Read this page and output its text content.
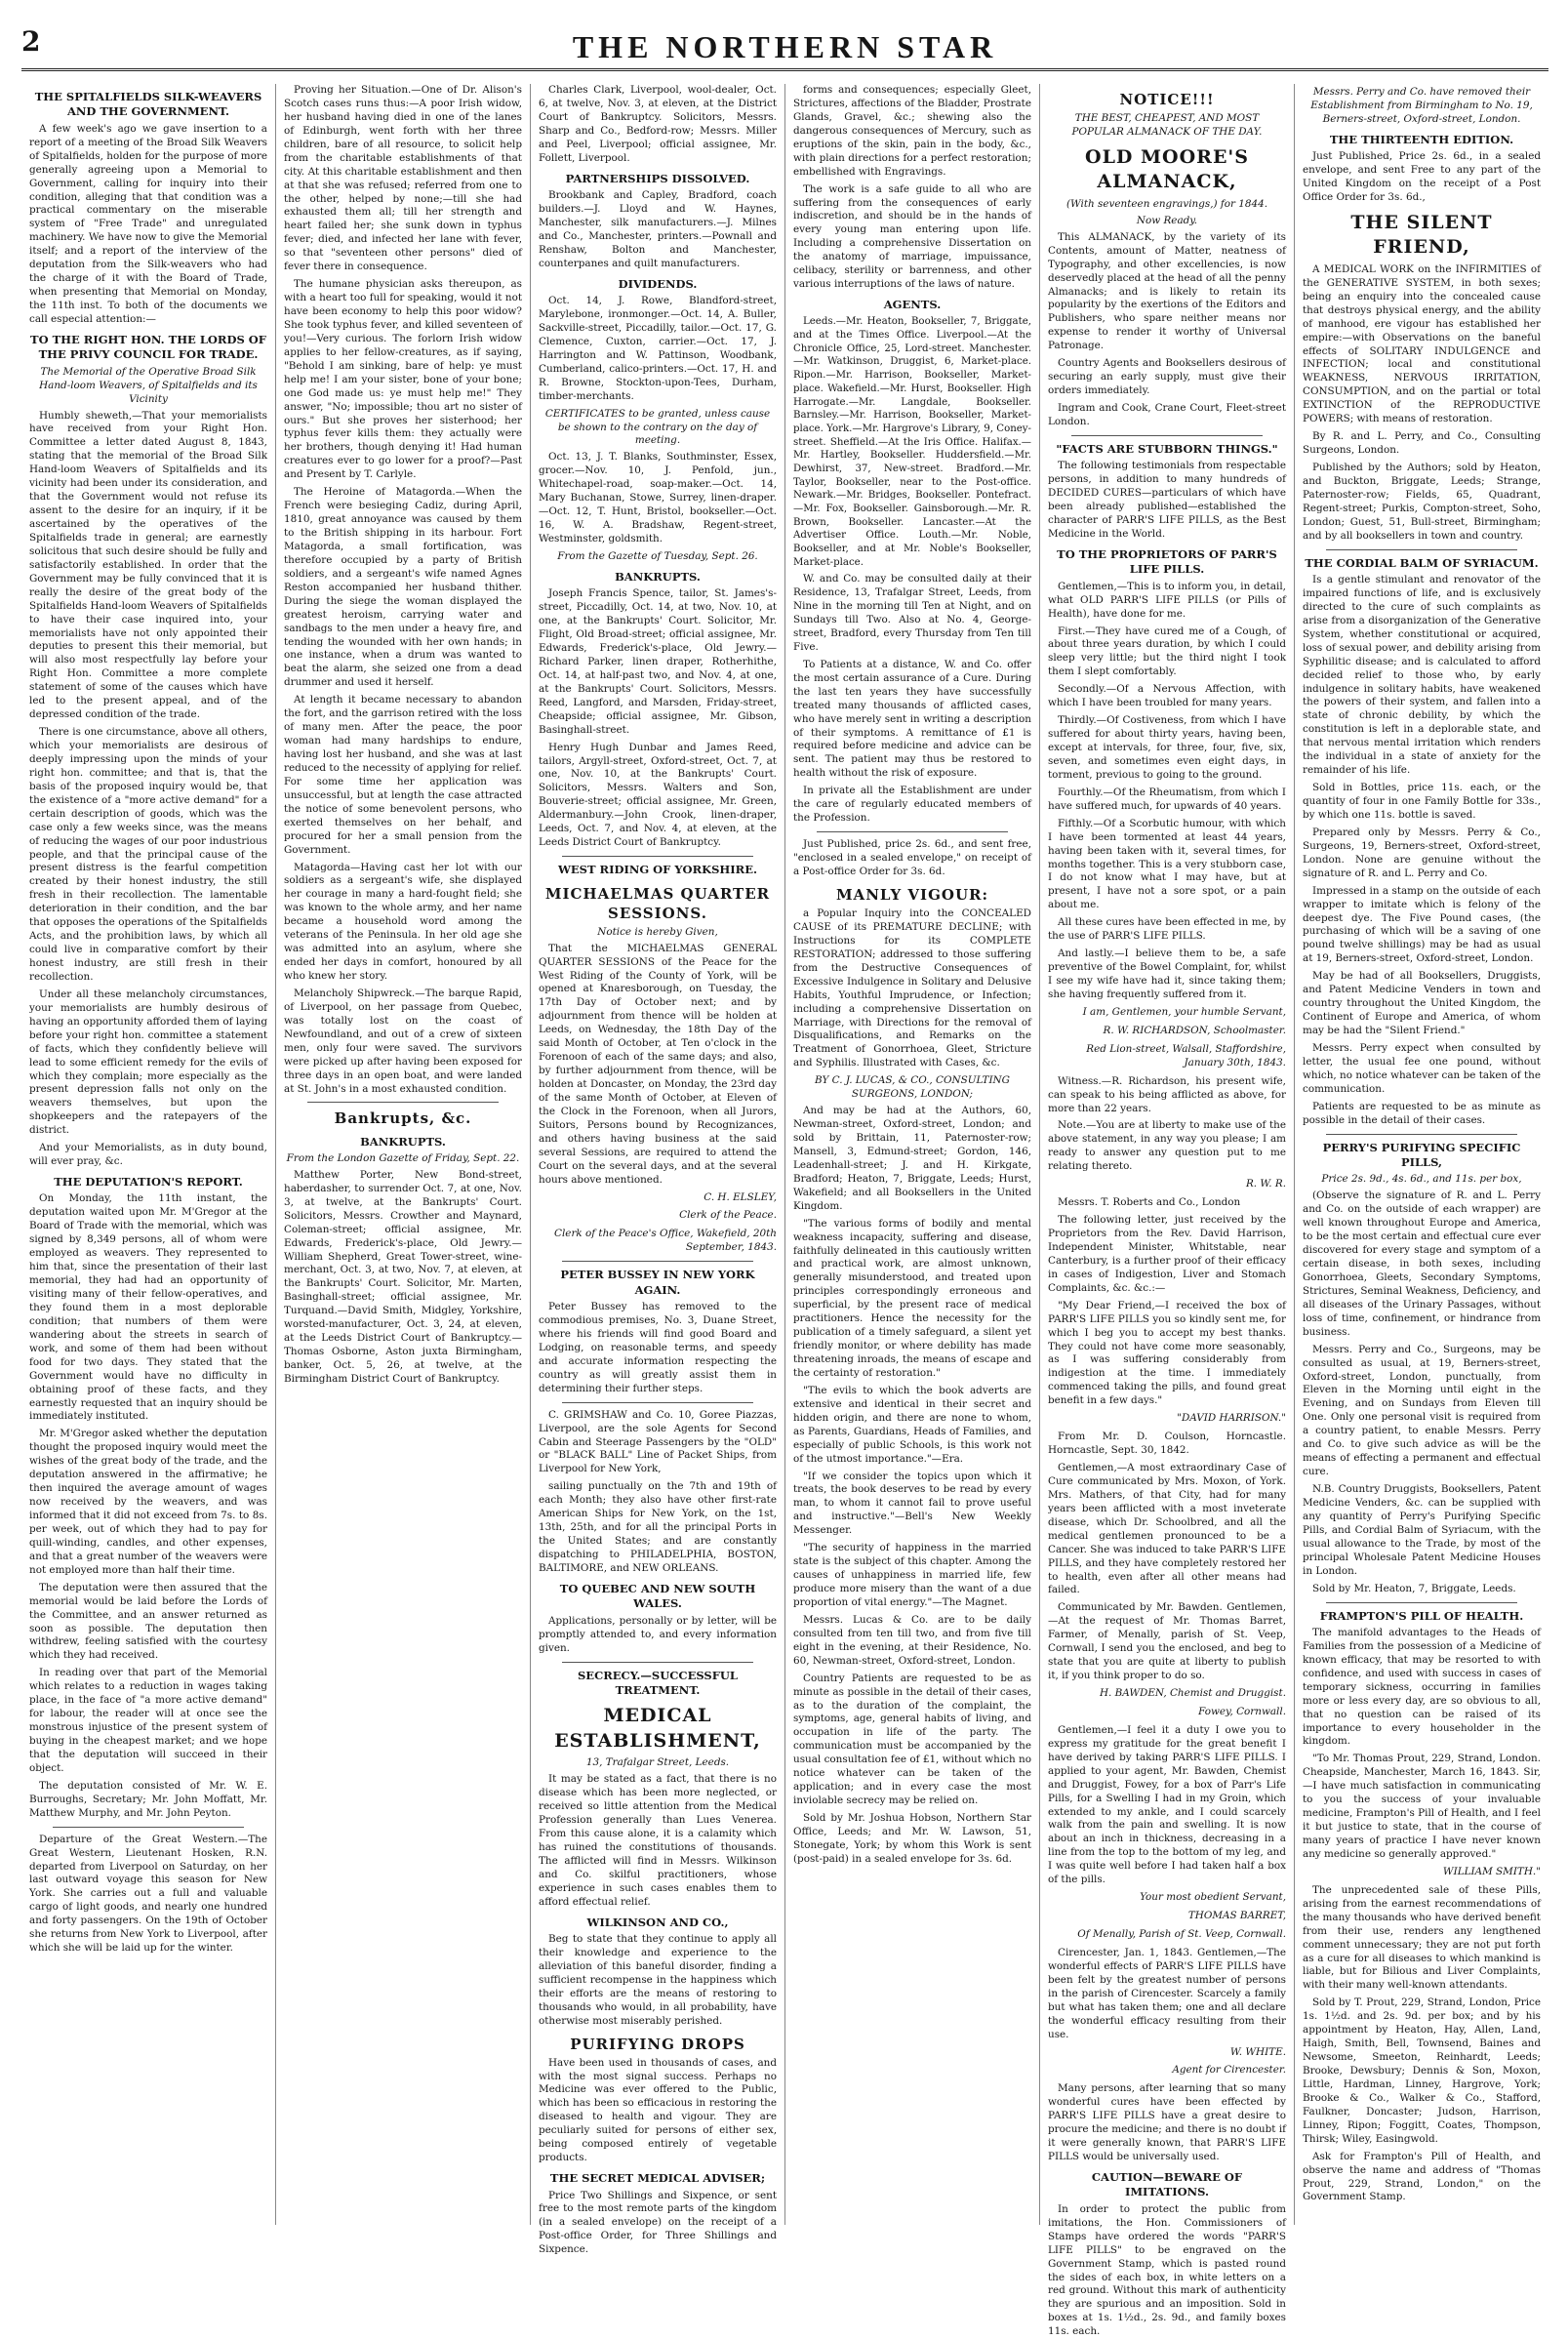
2	THE NORTHERN STAR
THE SPITALFIELDS SILK-WEAVERS AND THE GOVERNMENT.

A few week's ago we gave insertion to a report of a meeting of the Broad Silk Weavers of Spitalfields, holden for the purpose of more generally agreeing upon a Memorial to Government, calling for inquiry into their condition, alleging that that condition was a practical commentary on the miserable system of "Free Trade" and unregulated machinery. We have now to give the Memorial itself; and a report of the interview of the deputation from the Silk-weavers who had the charge of it with the Board of Trade, when presenting that Memorial on Monday, the 11th inst. To both of the documents we call especial attention:—

TO THE RIGHT HON. THE LORDS OF THE PRIVY COUNCIL FOR TRADE.
The Memorial of the Operative Broad Silk Hand-loom Weavers, of Spitalfields and its Vicinity

Humbly sheweth,—That your memorialists have received from your Right Hon. Committee a letter dated August 8, 1843, stating that the memorial of the Broad Silk Hand-loom Weavers of Spitalfields and its vicinity had been under its consideration, and that the Government would not refuse its assent to the desire for an inquiry, if it be ascertained by the operatives of the Spitalfields trade in general; are earnestly solicitous that such desire should be fully and satisfactorily established. In order that the Government may be fully convinced that it is really the desire of the great body of the Spitalfields Hand-loom Weavers of Spitalfields to have their case inquired into, your memorialists have not only appointed their deputies to present this their memorial, but will also most respectfully lay before your Right Hon. Committee a more complete statement of some of the causes which have led to the present appeal, and of the depressed condition of the trade.

There is one circumstance, above all others, which your memorialists are desirous of deeply impressing upon the minds of your right hon. committee; and that is, that the basis of the proposed inquiry would be, that the existence of a "more active demand" for a certain description of goods, which was the case only a few weeks since, was the means of reducing the wages of our poor industrious people, and that the principal cause of the present distress is the fearful competition created by their honest industry, the still fresh in their recollection. The lamentable deterioration in their condition, and the bar that opposes the operations of the Spitalfields Acts, and the prohibition laws, by which all could live in comparative comfort by their honest industry, are still fresh in their recollection.

Under all these melancholy circumstances, your memorialists are humbly desirous of having an opportunity afforded them of laying before your right hon. committee a statement of facts, which they confidently believe will lead to some efficient remedy for the evils of which they complain; more especially as the present depression falls not only on the weavers themselves, but upon the shopkeepers and the ratepayers of the district.

And your Memorialists, as in duty bound, will ever pray, &c.

THE DEPUTATION'S REPORT.

On Monday, the 11th instant, the deputation waited upon Mr. M'Gregor at the Board of Trade with the memorial, which was signed by 8,349 persons, all of whom were employed as weavers. They represented to him that, since the presentation of their last memorial, they had had an opportunity of visiting many of their fellow-operatives, and they found them in a most deplorable condition; that numbers of them were wandering about the streets in search of work, and some of them had been without food for two days. They stated that the Government would have no difficulty in obtaining proof of these facts, and they earnestly requested that an inquiry should be immediately instituted.

Mr. M'Gregor asked whether the deputation thought the proposed inquiry would meet the wishes of the great body of the trade, and the deputation answered in the affirmative; he then inquired the average amount of wages now received by the weavers, and was informed that it did not exceed from 7s. to 8s. per week, out of which they had to pay for quill-winding, candles, and other expenses, and that a great number of the weavers were not employed more than half their time.

The deputation were then assured that the memorial would be laid before the Lords of the Committee, and an answer returned as soon as possible. The deputation then withdrew, feeling satisfied with the courtesy which they had received.

In reading over that part of the Memorial which relates to a reduction in wages taking place, in the face of "a more active demand" for labour, the reader will at once see the monstrous injustice of the present system of buying in the cheapest market; and we hope that the deputation will succeed in their object.

The deputation consisted of Mr. W. E. Burroughs, Secretary; Mr. John Moffatt, Mr. Matthew Murphy, and Mr. John Peyton.

Departure of the Great Western.—The Great Western, Lieutenant Hosken, R.N. departed from Liverpool on Saturday, on her last outward voyage this season for New York. She carries out a full and valuable cargo of light goods, and nearly one hundred and forty passengers. On the 19th of October she returns from New York to Liverpool, after which she will be laid up for the winter.

Proving her Situation.—One of Dr. Alison's Scotch cases runs thus:—A poor Irish widow, her husband having died in one of the lanes of Edinburgh, went forth with her three children, bare of all resource, to solicit help from the charitable establishments of that city. At this charitable establishment and then at that she was refused; referred from one to the other, helped by none;—till she had exhausted them all; till her strength and heart failed her; she sunk down in typhus fever; died, and infected her lane with fever, so that "seventeen other persons" died of fever there in consequence.

The humane physician asks thereupon, as with a heart too full for speaking, would it not have been economy to help this poor widow? She took typhus fever, and killed seventeen of you!—Very curious. The forlorn Irish widow applies to her fellow-creatures, as if saying, "Behold I am sinking, bare of help: ye must help me! I am your sister, bone of your bone; one God made us: ye must help me!" They answer, "No; impossible; thou art no sister of ours." But she proves her sisterhood; her typhus fever kills them: they actually were her brothers, though denying it! Had human creatures ever to go lower for a proof?—Past and Present by T. Carlyle.

The Heroine of Matagorda.—When the French were besieging Cadiz, during April, 1810, great annoyance was caused by them to the British shipping in its harbour. Fort Matagorda, a small fortification, was therefore occupied by a party of British soldiers, and a sergeant's wife named Agnes Reston accompanied her husband thither. During the siege the woman displayed the greatest heroism, carrying water and sandbags to the men under a heavy fire, and tending the wounded with her own hands; in one instance, when a drum was wanted to beat the alarm, she seized one from a dead drummer and used it herself.

At length it became necessary to abandon the fort, and the garrison retired with the loss of many men. After the peace, the poor woman had many hardships to endure, having lost her husband, and she was at last reduced to the necessity of applying for relief. For some time her application was unsuccessful, but at length the case attracted the notice of some benevolent persons, who exerted themselves on her behalf, and procured for her a small pension from the Government.

Matagorda—Having cast her lot with our soldiers as a sergeant's wife, she displayed her courage in many a hard-fought field; she was known to the whole army, and her name became a household word among the veterans of the Peninsula. In her old age she was admitted into an asylum, where she ended her days in comfort, honoured by all who knew her story.

Melancholy Shipwreck.—The barque Rapid, of Liverpool, on her passage from Quebec, was totally lost on the coast of Newfoundland, and out of a crew of sixteen men, only four were saved. The survivors were picked up after having been exposed for three days in an open boat, and were landed at St. John's in a most exhausted condition.

Bankrupts, &c.
BANKRUPTS.
From the London Gazette of Friday, Sept. 22.

Matthew Porter, New Bond-street, haberdasher, to surrender Oct. 7, at one, Nov. 3, at twelve, at the Bankrupts' Court. Solicitors, Messrs. Crowther and Maynard, Coleman-street; official assignee, Mr. Edwards, Frederick's-place, Old Jewry.—William Shepherd, Great Tower-street, wine-merchant, Oct. 3, at two, Nov. 7, at eleven, at the Bankrupts' Court. Solicitor, Mr. Marten, Basinghall-street; official assignee, Mr. Turquand.—David Smith, Midgley, Yorkshire, worsted-manufacturer, Oct. 3, 24, at eleven, at the Leeds District Court of Bankruptcy.—Thomas Osborne, Aston juxta Birmingham, banker, Oct. 5, 26, at twelve, at the Birmingham District Court of Bankruptcy.

Charles Clark, Liverpool, wool-dealer, Oct. 6, at twelve, Nov. 3, at eleven, at the District Court of Bankruptcy. Solicitors, Messrs. Sharp and Co., Bedford-row; Messrs. Miller and Peel, Liverpool; official assignee, Mr. Follett, Liverpool.

PARTNERSHIPS DISSOLVED.

Brookbank and Capley, Bradford, coach builders.—J. Lloyd and W. Haynes, Manchester, silk manufacturers.—J. Milnes and Co., Manchester, printers.—Pownall and Renshaw, Bolton and Manchester, counterpanes and quilt manufacturers.

DIVIDENDS.

Oct. 14, J. Rowe, Blandford-street, Marylebone, ironmonger.—Oct. 14, A. Buller, Sackville-street, Piccadilly, tailor.—Oct. 17, G. Clemence, Cuxton, carrier.—Oct. 17, J. Harrington and W. Pattinson, Woodbank, Cumberland, calico-printers.—Oct. 17, H. and R. Browne, Stockton-upon-Tees, Durham, timber-merchants.

CERTIFICATES to be granted, unless cause be shown to the contrary on the day of meeting.

Oct. 13, J. T. Blanks, Southminster, Essex, grocer.—Nov. 10, J. Penfold, jun., Whitechapel-road, soap-maker.—Oct. 14, Mary Buchanan, Stowe, Surrey, linen-draper.—Oct. 12, T. Hunt, Bristol, bookseller.—Oct. 16, W. A. Bradshaw, Regent-street, Westminster, goldsmith.

From the Gazette of Tuesday, Sept. 26.
BANKRUPTS.

Joseph Francis Spence, tailor, St. James's-street, Piccadilly, Oct. 14, at two, Nov. 10, at one, at the Bankrupts' Court. Solicitor, Mr. Flight, Old Broad-street; official assignee, Mr. Edwards, Frederick's-place, Old Jewry.—Richard Parker, linen draper, Rotherhithe, Oct. 14, at half-past two, and Nov. 4, at one, at the Bankrupts' Court. Solicitors, Messrs. Reed, Langford, and Marsden, Friday-street, Cheapside; official assignee, Mr. Gibson, Basinghall-street.

Henry Hugh Dunbar and James Reed, tailors, Argyll-street, Oxford-street, Oct. 7, at one, Nov. 10, at the Bankrupts' Court. Solicitors, Messrs. Walters and Son, Bouverie-street; official assignee, Mr. Green, Aldermanbury.—John Crook, linen-draper, Leeds, Oct. 7, and Nov. 4, at eleven, at the Leeds District Court of Bankruptcy.

WEST RIDING OF YORKSHIRE.
MICHAELMAS QUARTER SESSIONS.
Notice is hereby Given,

That the MICHAELMAS GENERAL QUARTER SESSIONS of the Peace for the West Riding of the County of York, will be opened at Knaresborough, on Tuesday, the 17th Day of October next; and by adjournment from thence will be holden at Leeds, on Wednesday, the 18th Day of the said Month of October, at Ten o'clock in the Forenoon of each of the same days; and also, by further adjournment from thence, will be holden at Doncaster, on Monday, the 23rd day of the same Month of October, at Eleven of the Clock in the Forenoon, when all Jurors, Suitors, Persons bound by Recognizances, and others having business at the said several Sessions, are required to attend the Court on the several days, and at the several hours above mentioned.

C. H. ELSLEY,
Clerk of the Peace.
Clerk of the Peace's Office, Wakefield, 20th September, 1843.
PETER BUSSEY IN NEW YORK AGAIN.

Peter Bussey has removed to the commodious premises, No. 3, Duane Street, where his friends will find good Board and Lodging, on reasonable terms, and speedy and accurate information respecting the country as will greatly assist them in determining their further steps.

C. GRIMSHAW and Co. 10, Goree Piazzas, Liverpool, are the sole Agents for Second Cabin and Steerage Passengers by the "OLD" or "BLACK BALL" Line of Packet Ships, from Liverpool for New York,

sailing punctually on the 7th and 19th of each Month; they also have other first-rate American Ships for New York, on the 1st, 13th, 25th, and for all the principal Ports in the United States; and are constantly dispatching to PHILADELPHIA, BOSTON, BALTIMORE, and NEW ORLEANS.

TO QUEBEC AND NEW SOUTH WALES.

Applications, personally or by letter, will be promptly attended to, and every information given.

SECRECY.—SUCCESSFUL TREATMENT.
MEDICAL ESTABLISHMENT,
13, Trafalgar Street, Leeds.

It may be stated as a fact, that there is no disease which has been more neglected, or received so little attention from the Medical Profession generally than Lues Venerea. From this cause alone, it is a calamity which has ruined the constitutions of thousands. The afflicted will find in Messrs. Wilkinson and Co. skilful practitioners, whose experience in such cases enables them to afford effectual relief.

WILKINSON AND CO.,

Beg to state that they continue to apply all their knowledge and experience to the alleviation of this baneful disorder, finding a sufficient recompense in the happiness which their efforts are the means of restoring to thousands who would, in all probability, have otherwise most miserably perished.

PURIFYING DROPS

Have been used in thousands of cases, and with the most signal success. Perhaps no Medicine was ever offered to the Public, which has been so efficacious in restoring the diseased to health and vigour. They are peculiarly suited for persons of either sex, being composed entirely of vegetable products.

THE SECRET MEDICAL ADVISER;

Price Two Shillings and Sixpence, or sent free to the most remote parts of the kingdom (in a sealed envelope) on the receipt of a Post-office Order, for Three Shillings and Sixpence.

forms and consequences; especially Gleet, Strictures, affections of the Bladder, Prostrate Glands, Gravel, &c.; shewing also the dangerous consequences of Mercury, such as eruptions of the skin, pain in the body, &c., with plain directions for a perfect restoration; embellished with Engravings.

The work is a safe guide to all who are suffering from the consequences of early indiscretion, and should be in the hands of every young man entering upon life. Including a comprehensive Dissertation on the anatomy of marriage, impuissance, celibacy, sterility or barrenness, and other various interruptions of the laws of nature.

AGENTS.

Leeds.—Mr. Heaton, Bookseller, 7, Briggate, and at the Times Office. Liverpool.—At the Chronicle Office, 25, Lord-street. Manchester.—Mr. Watkinson, Druggist, 6, Market-place. Ripon.—Mr. Harrison, Bookseller, Market-place. Wakefield.—Mr. Hurst, Bookseller. High Harrogate.—Mr. Langdale, Bookseller. Barnsley.—Mr. Harrison, Bookseller, Market-place. York.—Mr. Hargrove's Library, 9, Coney-street. Sheffield.—At the Iris Office. Halifax.—Mr. Hartley, Bookseller. Huddersfield.—Mr. Dewhirst, 37, New-street. Bradford.—Mr. Taylor, Bookseller, near to the Post-office. Newark.—Mr. Bridges, Bookseller. Pontefract.—Mr. Fox, Bookseller. Gainsborough.—Mr. R. Brown, Bookseller. Lancaster.—At the Advertiser Office. Louth.—Mr. Noble, Bookseller, and at Mr. Noble's Bookseller, Market-place.

W. and Co. may be consulted daily at their Residence, 13, Trafalgar Street, Leeds, from Nine in the morning till Ten at Night, and on Sundays till Two. Also at No. 4, George-street, Bradford, every Thursday from Ten till Five.

To Patients at a distance, W. and Co. offer the most certain assurance of a Cure. During the last ten years they have successfully treated many thousands of afflicted cases, who have merely sent in writing a description of their symptoms. A remittance of £1 is required before medicine and advice can be sent. The patient may thus be restored to health without the risk of exposure.

In private all the Establishment are under the care of regularly educated members of the Profession.

Just Published, price 2s. 6d., and sent free, "enclosed in a sealed envelope," on receipt of a Post-office Order for 3s. 6d.

MANLY VIGOUR:

a Popular Inquiry into the CONCEALED CAUSE of its PREMATURE DECLINE; with Instructions for its COMPLETE RESTORATION; addressed to those suffering from the Destructive Consequences of Excessive Indulgence in Solitary and Delusive Habits, Youthful Imprudence, or Infection; including a comprehensive Dissertation on Marriage, with Directions for the removal of Disqualifications, and Remarks on the Treatment of Gonorrhoea, Gleet, Stricture and Syphilis. Illustrated with Cases, &c.

BY C. J. LUCAS, & CO., CONSULTING SURGEONS, LONDON;

And may be had at the Authors, 60, Newman-street, Oxford-street, London; and sold by Brittain, 11, Paternoster-row; Mansell, 3, Edmund-street; Gordon, 146, Leadenhall-street; J. and H. Kirkgate, Bradford; Heaton, 7, Briggate, Leeds; Hurst, Wakefield; and all Booksellers in the United Kingdom.

"The various forms of bodily and mental weakness incapacity, suffering and disease, faithfully delineated in this cautiously written and practical work, are almost unknown, generally misunderstood, and treated upon principles correspondingly erroneous and superficial, by the present race of medical practitioners. Hence the necessity for the publication of a timely safeguard, a silent yet friendly monitor, or where debility has made threatening inroads, the means of escape and the certainty of restoration."

"The evils to which the book adverts are extensive and identical in their secret and hidden origin, and there are none to whom, as Parents, Guardians, Heads of Families, and especially of public Schools, is this work not of the utmost importance."—Era.

"If we consider the topics upon which it treats, the book deserves to be read by every man, to whom it cannot fail to prove useful and instructive."—Bell's New Weekly Messenger.

"The security of happiness in the married state is the subject of this chapter. Among the causes of unhappiness in married life, few produce more misery than the want of a due proportion of vital energy."—The Magnet.

Messrs. Lucas & Co. are to be daily consulted from ten till two, and from five till eight in the evening, at their Residence, No. 60, Newman-street, Oxford-street, London.

Country Patients are requested to be as minute as possible in the detail of their cases, as to the duration of the complaint, the symptoms, age, general habits of living, and occupation in life of the party. The communication must be accompanied by the usual consultation fee of £1, without which no notice whatever can be taken of the application; and in every case the most inviolable secrecy may be relied on.

Sold by Mr. Joshua Hobson, Northern Star Office, Leeds; and Mr. W. Lawson, 51, Stonegate, York; by whom this Work is sent (post-paid) in a sealed envelope for 3s. 6d.

NOTICE!!!
THE BEST, CHEAPEST, AND MOST POPULAR ALMANACK OF THE DAY.
OLD MOORE'S ALMANACK,
(With seventeen engravings,) for 1844.
Now Ready.

This ALMANACK, by the variety of its Contents, amount of Matter, neatness of Typography, and other excellencies, is now deservedly placed at the head of all the penny Almanacks; and is likely to retain its popularity by the exertions of the Editors and Publishers, who spare neither means nor expense to render it worthy of Universal Patronage.

Country Agents and Booksellers desirous of securing an early supply, must give their orders immediately.

Ingram and Cook, Crane Court, Fleet-street London.

"FACTS ARE STUBBORN THINGS."

The following testimonials from respectable persons, in addition to many hundreds of DECIDED CURES—particulars of which have been already published—established the character of PARR'S LIFE PILLS, as the Best Medicine in the World.

TO THE PROPRIETORS OF PARR'S LIFE PILLS.

Gentlemen,—This is to inform you, in detail, what OLD PARR'S LIFE PILLS (or Pills of Health), have done for me.

First.—They have cured me of a Cough, of about three years duration, by which I could sleep very little; but the third night I took them I slept comfortably.

Secondly.—Of a Nervous Affection, with which I have been troubled for many years.

Thirdly.—Of Costiveness, from which I have suffered for about thirty years, having been, except at intervals, for three, four, five, six, seven, and sometimes even eight days, in torment, previous to going to the ground.

Fourthly.—Of the Rheumatism, from which I have suffered much, for upwards of 40 years.

Fifthly.—Of a Scorbutic humour, with which I have been tormented at least 44 years, having been taken with it, several times, for months together. This is a very stubborn case, I do not know what I may have, but at present, I have not a sore spot, or a pain about me.

All these cures have been effected in me, by the use of PARR'S LIFE PILLS.

And lastly.—I believe them to be, a safe preventive of the Bowel Complaint, for, whilst I see my wife have had it, since taking them; she having frequently suffered from it.

I am, Gentlemen, your humble Servant,
R. W. RICHARDSON, Schoolmaster.
Red Lion-street, Walsall, Staffordshire, January 30th, 1843.

Witness.—R. Richardson, his present wife, can speak to his being afflicted as above, for more than 22 years.

Note.—You are at liberty to make use of the above statement, in any way you please; I am ready to answer any question put to me relating thereto.

R. W. R.

Messrs. T. Roberts and Co., London

The following letter, just received by the Proprietors from the Rev. David Harrison, Independent Minister, Whitstable, near Canterbury, is a further proof of their efficacy in cases of Indigestion, Liver and Stomach Complaints, &c. &c.:—

"My Dear Friend,—I received the box of PARR'S LIFE PILLS you so kindly sent me, for which I beg you to accept my best thanks. They could not have come more seasonably, as I was suffering considerably from indigestion at the time. I immediately commenced taking the pills, and found great benefit in a few days."

"DAVID HARRISON."

From Mr. D. Coulson, Horncastle. Horncastle, Sept. 30, 1842.

Gentlemen,—A most extraordinary Case of Cure communicated by Mrs. Moxon, of York. Mrs. Mathers, of that City, had for many years been afflicted with a most inveterate disease, which Dr. Schoolbred, and all the medical gentlemen pronounced to be a Cancer. She was induced to take PARR'S LIFE PILLS, and they have completely restored her to health, even after all other means had failed.

Communicated by Mr. Bawden. Gentlemen,—At the request of Mr. Thomas Barret, Farmer, of Menally, parish of St. Veep, Cornwall, I send you the enclosed, and beg to state that you are quite at liberty to publish it, if you think proper to do so.

H. BAWDEN, Chemist and Druggist.
Fowey, Cornwall.

Gentlemen,—I feel it a duty I owe you to express my gratitude for the great benefit I have derived by taking PARR'S LIFE PILLS. I applied to your agent, Mr. Bawden, Chemist and Druggist, Fowey, for a box of Parr's Life Pills, for a Swelling I had in my Groin, which extended to my ankle, and I could scarcely walk from the pain and swelling. It is now about an inch in thickness, decreasing in a line from the top to the bottom of my leg, and I was quite well before I had taken half a box of the pills.

Your most obedient Servant,
THOMAS BARRET,
Of Menally, Parish of St. Veep, Cornwall.

Cirencester, Jan. 1, 1843. Gentlemen,—The wonderful effects of PARR'S LIFE PILLS have been felt by the greatest number of persons in the parish of Cirencester. Scarcely a family but what has taken them; one and all declare the wonderful efficacy resulting from their use.

W. WHITE.
Agent for Cirencester.

Many persons, after learning that so many wonderful cures have been effected by PARR'S LIFE PILLS have a great desire to procure the medicine; and there is no doubt if it were generally known, that PARR'S LIFE PILLS would be universally used.

CAUTION—BEWARE OF IMITATIONS.

In order to protect the public from imitations, the Hon. Commissioners of Stamps have ordered the words "PARR'S LIFE PILLS" to be engraved on the Government Stamp, which is pasted round the sides of each box, in white letters on a red ground. Without this mark of authenticity they are spurious and an imposition. Sold in boxes at 1s. 1½d., 2s. 9d., and family boxes 11s. each.

Messrs. Perry and Co. have removed their Establishment from Birmingham to No. 19, Berners-street, Oxford-street, London.
THE THIRTEENTH EDITION.

Just Published, Price 2s. 6d., in a sealed envelope, and sent Free to any part of the United Kingdom on the receipt of a Post Office Order for 3s. 6d.,

THE SILENT FRIEND,

A MEDICAL WORK on the INFIRMITIES of the GENERATIVE SYSTEM, in both sexes; being an enquiry into the concealed cause that destroys physical energy, and the ability of manhood, ere vigour has established her empire:—with Observations on the baneful effects of SOLITARY INDULGENCE and INFECTION; local and constitutional WEAKNESS, NERVOUS IRRITATION, CONSUMPTION, and on the partial or total EXTINCTION of the REPRODUCTIVE POWERS; with means of restoration.

By R. and L. Perry, and Co., Consulting Surgeons, London.

Published by the Authors; sold by Heaton, and Buckton, Briggate, Leeds; Strange, Paternoster-row; Fields, 65, Quadrant, Regent-street; Purkis, Compton-street, Soho, London; Guest, 51, Bull-street, Birmingham; and by all booksellers in town and country.

THE CORDIAL BALM OF SYRIACUM.

Is a gentle stimulant and renovator of the impaired functions of life, and is exclusively directed to the cure of such complaints as arise from a disorganization of the Generative System, whether constitutional or acquired, loss of sexual power, and debility arising from Syphilitic disease; and is calculated to afford decided relief to those who, by early indulgence in solitary habits, have weakened the powers of their system, and fallen into a state of chronic debility, by which the constitution is left in a deplorable state, and that nervous mental irritation which renders the individual in a state of anxiety for the remainder of his life.

Sold in Bottles, price 11s. each, or the quantity of four in one Family Bottle for 33s., by which one 11s. bottle is saved.

Prepared only by Messrs. Perry & Co., Surgeons, 19, Berners-street, Oxford-street, London. None are genuine without the signature of R. and L. Perry and Co.

Impressed in a stamp on the outside of each wrapper to imitate which is felony of the deepest dye. The Five Pound cases, (the purchasing of which will be a saving of one pound twelve shillings) may be had as usual at 19, Berners-street, Oxford-street, London.

May be had of all Booksellers, Druggists, and Patent Medicine Venders in town and country throughout the United Kingdom, the Continent of Europe and America, of whom may be had the "Silent Friend."

Messrs. Perry expect when consulted by letter, the usual fee one pound, without which, no notice whatever can be taken of the communication.

Patients are requested to be as minute as possible in the detail of their cases.

PERRY'S PURIFYING SPECIFIC PILLS,
Price 2s. 9d., 4s. 6d., and 11s. per box,

(Observe the signature of R. and L. Perry and Co. on the outside of each wrapper) are well known throughout Europe and America, to be the most certain and effectual cure ever discovered for every stage and symptom of a certain disease, in both sexes, including Gonorrhoea, Gleets, Secondary Symptoms, Strictures, Seminal Weakness, Deficiency, and all diseases of the Urinary Passages, without loss of time, confinement, or hindrance from business.

Messrs. Perry and Co., Surgeons, may be consulted as usual, at 19, Berners-street, Oxford-street, London, punctually, from Eleven in the Morning until eight in the Evening, and on Sundays from Eleven till One. Only one personal visit is required from a country patient, to enable Messrs. Perry and Co. to give such advice as will be the means of effecting a permanent and effectual cure.

N.B. Country Druggists, Booksellers, Patent Medicine Venders, &c. can be supplied with any quantity of Perry's Purifying Specific Pills, and Cordial Balm of Syriacum, with the usual allowance to the Trade, by most of the principal Wholesale Patent Medicine Houses in London.

Sold by Mr. Heaton, 7, Briggate, Leeds.

FRAMPTON'S PILL OF HEALTH.

The manifold advantages to the Heads of Families from the possession of a Medicine of known efficacy, that may be resorted to with confidence, and used with success in cases of temporary sickness, occurring in families more or less every day, are so obvious to all, that no question can be raised of its importance to every householder in the kingdom.

"To Mr. Thomas Prout, 229, Strand, London. Cheapside, Manchester, March 16, 1843. Sir,—I have much satisfaction in communicating to you the success of your invaluable medicine, Frampton's Pill of Health, and I feel it but justice to state, that in the course of many years of practice I have never known any medicine so generally approved."

WILLIAM SMITH."

The unprecedented sale of these Pills, arising from the earnest recommendations of the many thousands who have derived benefit from their use, renders any lengthened comment unnecessary; they are not put forth as a cure for all diseases to which mankind is liable, but for Bilious and Liver Complaints, with their many well-known attendants.

Sold by T. Prout, 229, Strand, London, Price 1s. 1½d. and 2s. 9d. per box; and by his appointment by Heaton, Hay, Allen, Land, Haigh, Smith, Bell, Townsend, Baines and Newsome, Smeeton, Reinhardt, Leeds; Brooke, Dewsbury; Dennis & Son, Moxon, Little, Hardman, Linney, Hargrove, York; Brooke & Co., Walker & Co., Stafford, Faulkner, Doncaster; Judson, Harrison, Linney, Ripon; Foggitt, Coates, Thompson, Thirsk; Wiley, Easingwold.

Ask for Frampton's Pill of Health, and observe the name and address of "Thomas Prout, 229, Strand, London," on the Government Stamp.
